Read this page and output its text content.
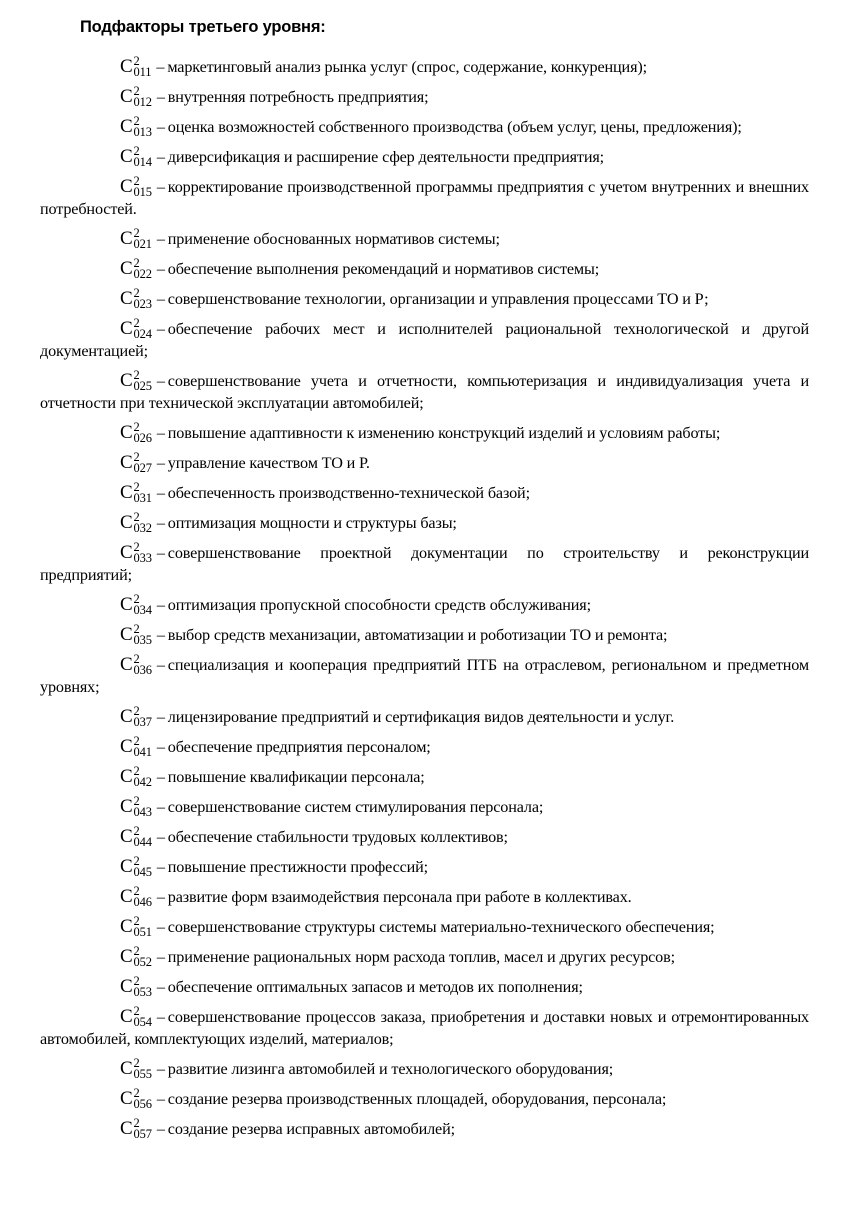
Подфакторы третьего уровня:

C 2
011 – маркетинговый анализ рынка услуг (спрос, содержание, конкуренция);

C 2
012 – внутренняя потребность предприятия;

C 2
013 – оценка возможностей собственного производства (объем услуг, цены, предложения);

C 2
014 – диверсификация и расширение сфер деятельности предприятия;

C 2
015 – корректирование производственной программы предприятия с учетом внутренних и внешних потребностей.

C 2
021 – применение обоснованных нормативов системы;

C 2
022 – обеспечение выполнения рекомендаций и нормативов системы;

C 2
023 – совершенствование технологии, организации и управления процессами ТО и Р;

C 2
024 – обеспечение рабочих мест и исполнителей рациональной технологической и другой документацией;

C 2
025 – совершенствование учета и отчетности, компьютеризация и индивидуализация учета и отчетности при технической эксплуатации автомобилей;

C 2
026 – повышение адаптивности к изменению конструкций изделий и условиям работы;

C 2
027 – управление качеством ТО и Р.

C 2
031 – обеспеченность производственно-технической базой;

C 2
032 – оптимизация мощности и структуры базы;

C 2
033 – совершенствование проектной документации по строительству и реконструкции предприятий;

C 2
034 – оптимизация пропускной способности средств обслуживания;

C 2
035 – выбор средств механизации, автоматизации и роботизации ТО и ремонта;

C 2
036 – специализация и кооперация предприятий ПТБ на отраслевом, региональном и предметном уровнях;

C 2
037 – лицензирование предприятий и сертификация видов деятельности и услуг.

C 2
041 – обеспечение предприятия персоналом;

C 2
042 – повышение квалификации персонала;

C 2
043 – совершенствование систем стимулирования персонала;

C 2
044 – обеспечение стабильности трудовых коллективов;

C 2
045 – повышение престижности профессий;

C 2
046 – развитие форм взаимодействия персонала при работе в коллективах.

C 2
051 – совершенствование структуры системы материально-технического обеспечения;

C 2
052 – применение рациональных норм расхода топлив, масел и других ресурсов;

C 2
053 – обеспечение оптимальных запасов и методов их пополнения;

C 2
054 – совершенствование процессов заказа, приобретения и доставки новых и отремонтированных автомобилей, комплектующих изделий, материалов;

C 2
055 – развитие лизинга автомобилей и технологического оборудования;

C 2
056 – создание резерва производственных площадей, оборудования, персонала;

C 2
057 – создание резерва исправных автомобилей;
